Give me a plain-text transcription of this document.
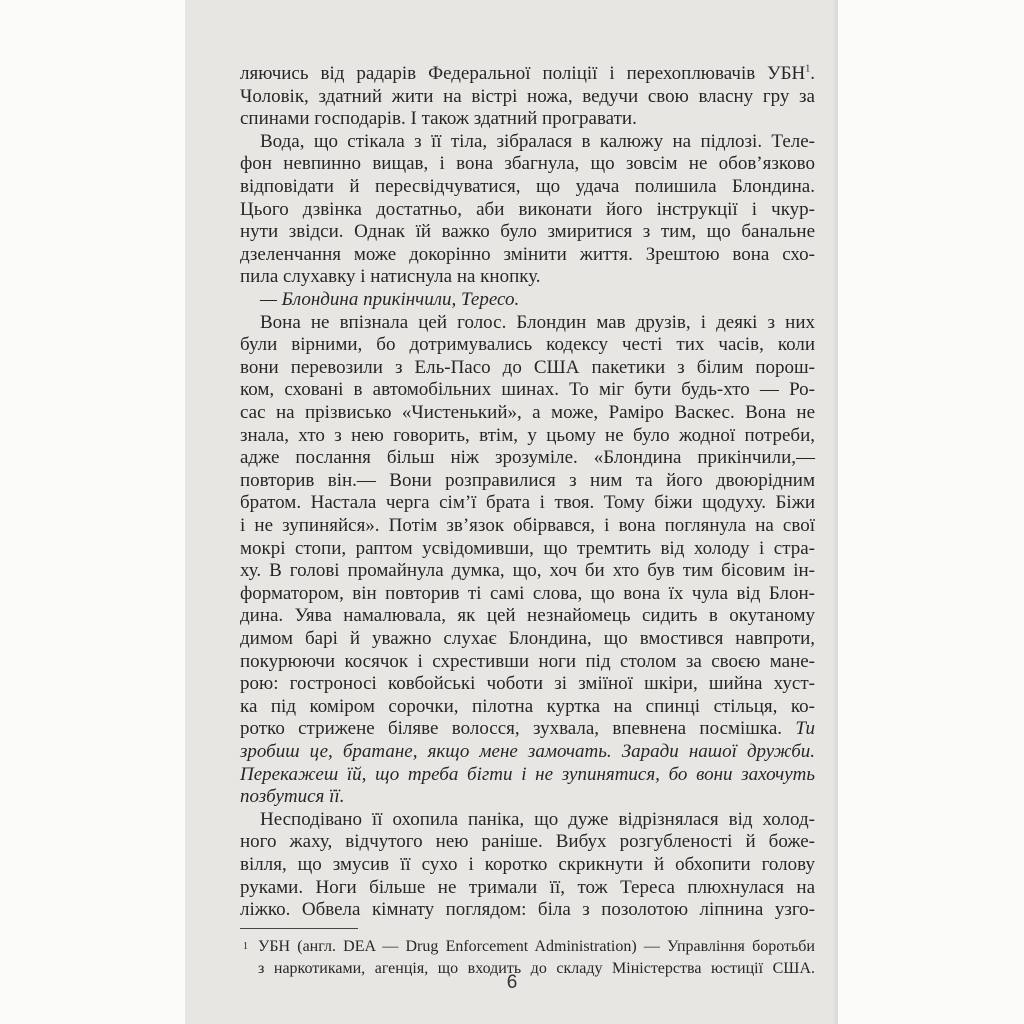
ляючись від радарів Федеральної поліції і перехоплювачів УБН$^1$.
Чоловік, здатний жити на вістрі ножа, ведучи свою власну гру за
спинами господарів. І також здатний програвати.
Вода, що стікала з її тіла, зібралася в калюжу на підлозі. Теле-
фон невпинно вищав, і вона збагнула, що зовсім не обов’язково
відповідати й пересвідчуватися, що удача полишила Блондина.
Цього дзвінка достатньо, аби виконати його інструкції і чкур-
нути звідси. Однак їй важко було змиритися з тим, що банальне
дзеленчання може докорінно змінити життя. Зрештою вона схо-
пила слухавку і натиснула на кнопку.
— Блондина прикінчили, Тересо.
Вона не впізнала цей голос. Блондин мав друзів, і деякі з них
були вірними, бо дотримувались кодексу честі тих часів, коли
вони перевозили з Ель-Пасо до США пакетики з білим порош-
ком, сховані в автомобільних шинах. То міг бути будь-хто — Ро-
сас на прізвисько «Чистенький», а може, Раміро Васкес. Вона не
знала, хто з нею говорить, втім, у цьому не було жодної потреби,
адже послання більш ніж зрозуміле. «Блондина прикінчили,—
повторив він.— Вони розправилися з ним та його двоюрідним
братом. Настала черга сім’ї брата і твоя. Тому біжи щодуху. Біжи
і не зупиняйся». Потім зв’язок обірвався, і вона поглянула на свої
мокрі стопи, раптом усвідомивши, що тремтить від холоду і стра-
ху. В голові промайнула думка, що, хоч би хто був тим бісовим ін-
форматором, він повторив ті самі слова, що вона їх чула від Блон-
дина. Уява намалювала, як цей незнайомець сидить в окутаному
димом барі й уважно слухає Блондина, що вмостився навпроти,
покурюючи косячок і схрестивши ноги під столом за своєю мане-
рою: гостроносі ковбойські чоботи зі зміїної шкіри, шийна хуст-
ка під коміром сорочки, пілотна куртка на спинці стільця, ко-
ротко стрижене біляве волосся, зухвала, впевнена посмішка. Ти
зробиш це, братане, якщо мене замочать. Заради нашої дружби.
Перекажеш їй, що треба бігти і не зупинятися, бо вони захочуть
позбутися її.
Несподівано її охопила паніка, що дуже відрізнялася від холод-
ного жаху, відчутого нею раніше. Вибух розгубленості й боже-
вілля, що змусив її сухо і коротко скрикнути й обхопити голову
руками. Ноги більше не тримали її, тож Тереса плюхнулася на
ліжко. Обвела кімнату поглядом: біла з позолотою ліпнина узго-
1 УБН (англ. DEA — Drug Enforcement Administration) — Управління боротьби
з наркотиками, агенція, що входить до складу Міністерства юстиції США.
6
